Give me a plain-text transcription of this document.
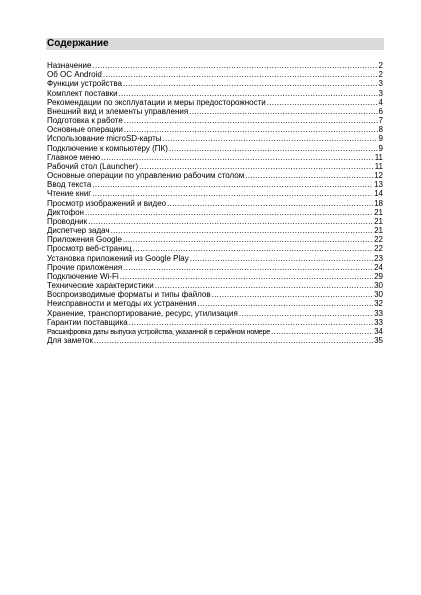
Содержание
Назначение .....	2
Об ОС Android .....	2
Функции устройства .....	3
Комплект поставки .....	3
Рекомендации по эксплуатации и меры предосторожности .....	4
Внешний вид и элементы управления .....	6
Подготовка к работе .....	7
Основные операции .....	8
Использование microSD-карты .....	9
Подключение к компьютеру (ПК) .....	9
Главное меню .....	11
Рабочий стол (Launcher) .....	11
Основные операции по управлению рабочим столом .....	12
Ввод текста .....	13
Чтение книг .....	14
Просмотр изображений и видео .....	18
Диктофон .....	21
Проводник .....	21
Диспетчер задач .....	21
Приложения Google .....	22
Просмотр веб-страниц .....	22
Установка приложений из Google Play .....	23
Прочие приложения .....	24
Подключение Wi-Fi .....	29
Технические характеристики .....	30
Воспроизводимые форматы и типы файлов .....	30
Неисправности и методы их устранения .....	32
Хранение, транспортирование, ресурс, утилизация .....	33
Гарантии поставщика .....	33
Расшифровка даты выпуска устройства, указанной в серийном номере .....	34
Для заметок .....	35
